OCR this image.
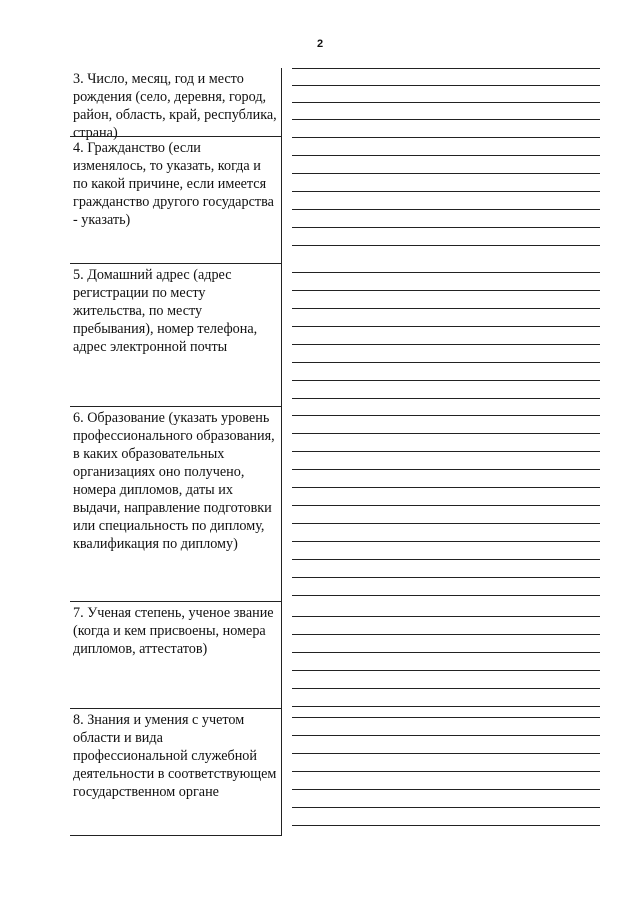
2
3. Число, месяц, год и место рождения (село, деревня, город, район, область, край, республика, страна)
4. Гражданство (если изменялось, то указать, когда и по какой причине, если имеется гражданство другого государства - указать)
5. Домашний адрес (адрес регистрации по месту жительства, по месту пребывания), номер телефона, адрес электронной почты
6. Образование (указать уровень профессионального образования, в каких образовательных организациях оно получено, номера дипломов, даты их выдачи, направление подготовки или специальность по диплому, квалификация по диплому)
7. Ученая степень, ученое звание (когда и кем присвоены, номера дипломов, аттестатов)
8. Знания и умения с учетом области и вида профессиональной служебной деятельности в соответствующем государственном органе
